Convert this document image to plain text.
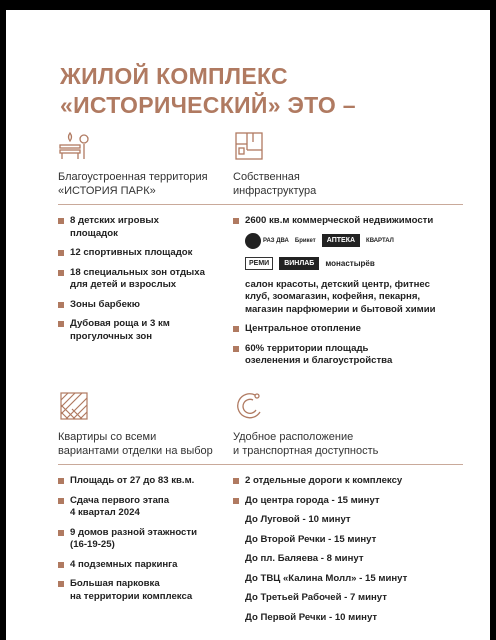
ЖИЛОЙ КОМПЛЕКС
«ИСТОРИЧЕСКИЙ» ЭТО –
Благоустроенная территория
«ИСТОРИЯ ПАРК»
8 детских игровых
площадок
12 спортивных площадок
18 специальных зон отдыха
для детей и взрослых
Зоны барбекю
Дубовая роща и 3 км
прогулочных зон
Собственная
инфраструктура
2600 кв.м коммерческой недвижимости
РАЗ ДВА Брикет АПТЕКА КВАРТАЛ
РЕМИ ВИНЛАБ монастырёв
салон красоты, детский центр, фитнес
клуб, зоомагазин, кофейня, пекарня,
магазин парфюмерии и бытовой химии
Центральное отопление
60% территории площадь
озеленения и благоустройства
Квартиры со всеми
вариантами отделки на выбор
Площадь от 27 до 83 кв.м.
Сдача первого этапа
4 квартал 2024
9 домов разной этажности
(16-19-25)
4 подземных паркинга
Большая парковка
на территории комплекса
Удобное расположение
и транспортная доступность
2 отдельные дороги к комплексу
До центра города - 15 минут
До Луговой - 10 минут
До Второй Речки - 15 минут
До пл. Баляева - 8 минут
До ТВЦ «Калина Молл» - 15 минут
До Третьей Рабочей - 7 минут
До Первой Речки - 10 минут
